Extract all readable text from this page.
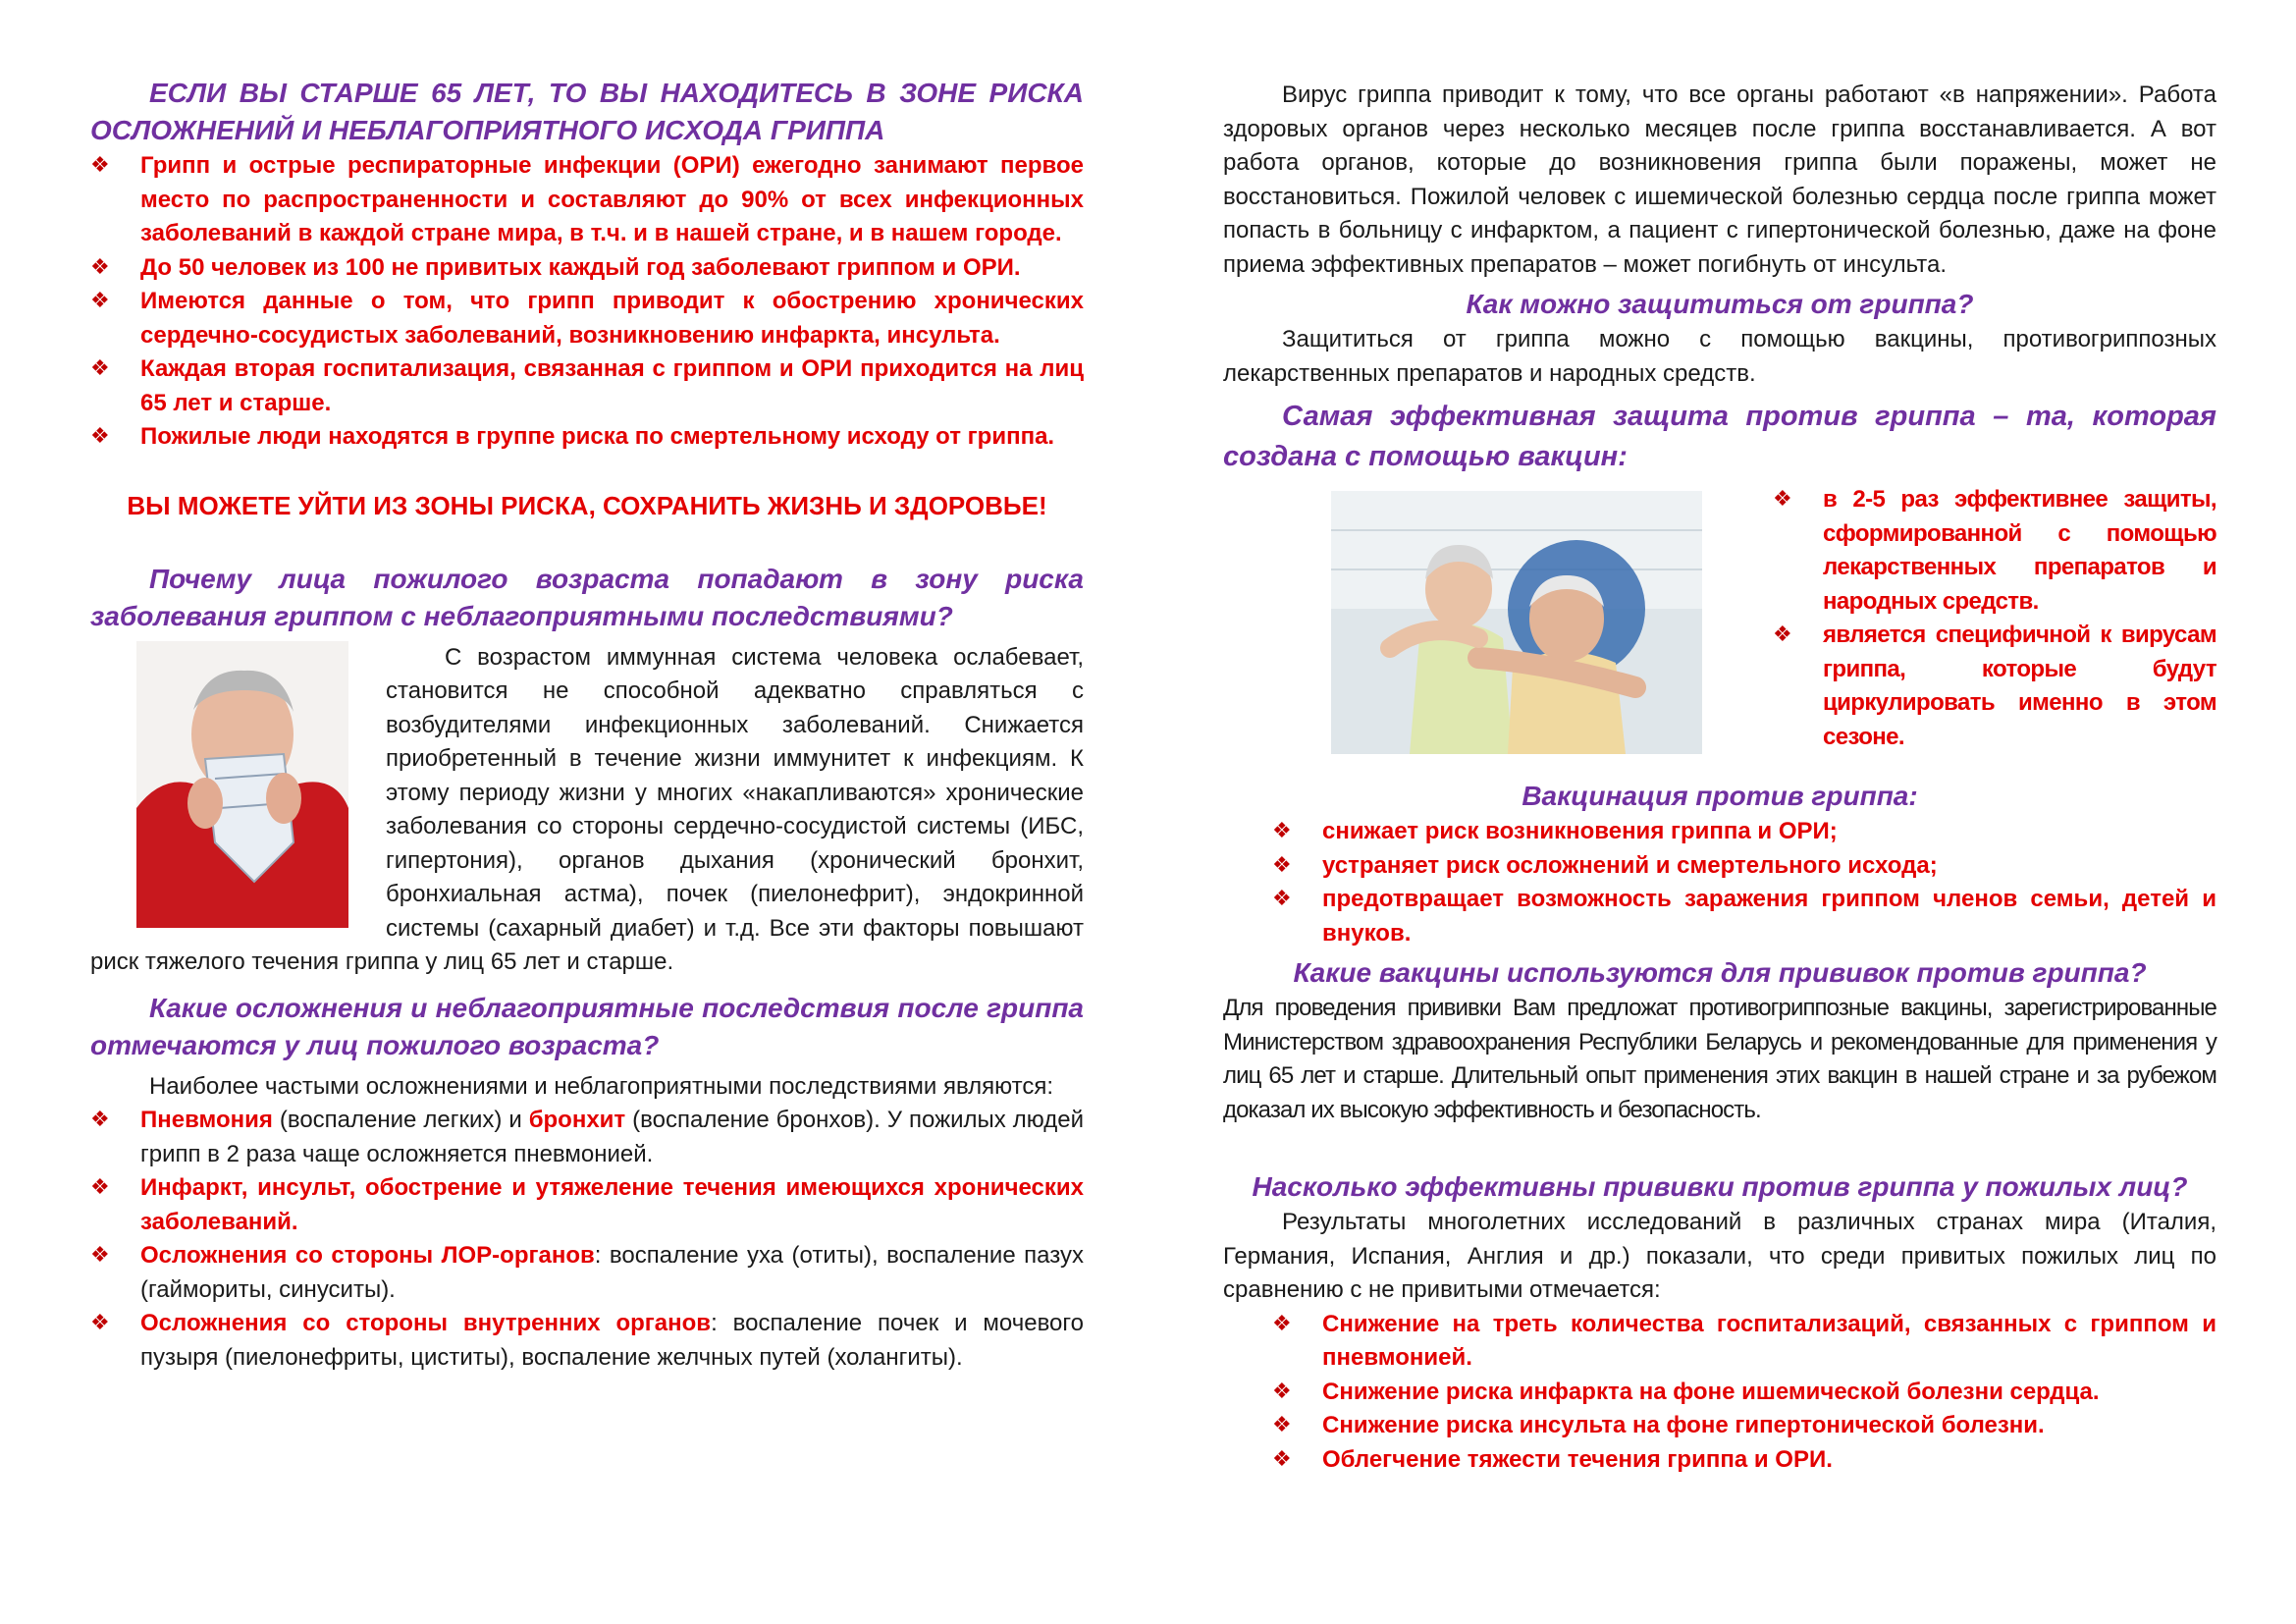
ЕСЛИ ВЫ СТАРШЕ 65 ЛЕТ, ТО ВЫ НАХОДИТЕСЬ В ЗОНЕ РИСКА ОСЛОЖНЕНИЙ И НЕБЛАГОПРИЯТНОГО ИСХОДА ГРИППА

❖ Грипп и острые респираторные инфекции (ОРИ) ежегодно занимают первое место по распространенности и составляют до 90% от всех инфекционных заболеваний в каждой стране мира, в т.ч. и в нашей стране, и в нашем городе.
❖ До 50 человек из 100 не привитых каждый год заболевают гриппом и ОРИ.
❖ Имеются данные о том, что грипп приводит к обострению хронических сердечно-сосудистых заболеваний, возникновению инфаркта, инсульта.
❖ Каждая вторая госпитализация, связанная с гриппом и ОРИ приходится на лиц 65 лет и старше.
❖ Пожилые люди находятся в группе риска по смертельному исходу от гриппа.

ВЫ МОЖЕТЕ УЙТИ ИЗ ЗОНЫ РИСКА, СОХРАНИТЬ ЖИЗНЬ И ЗДОРОВЬЕ!

Почему лица пожилого возраста попадают в зону риска заболевания гриппом с неблагоприятными последствиями?

С возрастом иммунная система человека ослабевает, становится не способной адекватно справляться с возбудителями инфекционных заболеваний. Снижается приобретенный в течение жизни иммунитет к инфекциям. К этому периоду жизни у многих «накапливаются» хронические заболевания со стороны сердечно-сосудистой системы (ИБС, гипертония), органов дыхания (хронический бронхит, бронхиальная астма), почек (пиелонефрит), эндокринной системы (сахарный диабет) и т.д. Все эти факторы повышают риск тяжелого течения гриппа у лиц 65 лет и старше.

Какие осложнения и неблагоприятные последствия после гриппа отмечаются у лиц пожилого возраста?

Наиболее частыми осложнениями и неблагоприятными последствиями являются:

❖ Пневмония (воспаление легких) и бронхит (воспаление бронхов). У пожилых людей грипп в 2 раза чаще осложняется пневмонией.
❖ Инфаркт, инсульт, обострение и утяжеление течения имеющихся хронических заболеваний.
❖ Осложнения со стороны ЛОР-органов: воспаление уха (отиты), воспаление пазух (гаймориты, синуситы).
❖ Осложнения со стороны внутренних органов: воспаление почек и мочевого пузыря (пиелонефриты, циститы), воспаление желчных путей (холангиты).

Вирус гриппа приводит к тому, что все органы работают «в напряжении». Работа здоровых органов через несколько месяцев после гриппа восстанавливается. А вот работа органов, которые до возникновения гриппа были поражены, может не восстановиться. Пожилой человек с ишемической болезнью сердца после гриппа может попасть в больницу с инфарктом, а пациент с гипертонической болезнью, даже на фоне приема эффективных препаратов – может погибнуть от инсульта.

Как можно защититься от гриппа?

Защититься от гриппа можно с помощью вакцины, противогриппозных лекарственных препаратов и народных средств.

Самая эффективная защита против гриппа – та, которая создана с помощью вакцин:

❖ в 2-5 раз эффективнее защиты, сформированной с помощью лекарственных препаратов и народных средств.
❖ является специфичной к вирусам гриппа, которые будут циркулировать именно в этом сезоне.

Вакцинация против гриппа:

❖ снижает риск возникновения гриппа и ОРИ;
❖ устраняет риск осложнений и смертельного исхода;
❖ предотвращает возможность заражения гриппом членов семьи, детей и внуков.

Какие вакцины используются для прививок против гриппа?

Для проведения прививки Вам предложат противогриппозные вакцины, зарегистрированные Министерством здравоохранения Республики Беларусь и рекомендованные для применения у лиц 65 лет и старше. Длительный опыт применения этих вакцин в нашей стране и за рубежом доказал их высокую эффективность и безопасность.

Насколько эффективны прививки против гриппа у пожилых лиц?

Результаты многолетних исследований в различных странах мира (Италия, Германия, Испания, Англия и др.) показали, что среди привитых пожилых лиц по сравнению с не привитыми отмечается:

❖ Снижение на треть количества госпитализаций, связанных с гриппом и пневмонией.
❖ Снижение риска инфаркта на фоне ишемической болезни сердца.
❖ Снижение риска инсульта на фоне гипертонической болезни.
❖ Облегчение тяжести течения гриппа и ОРИ.
